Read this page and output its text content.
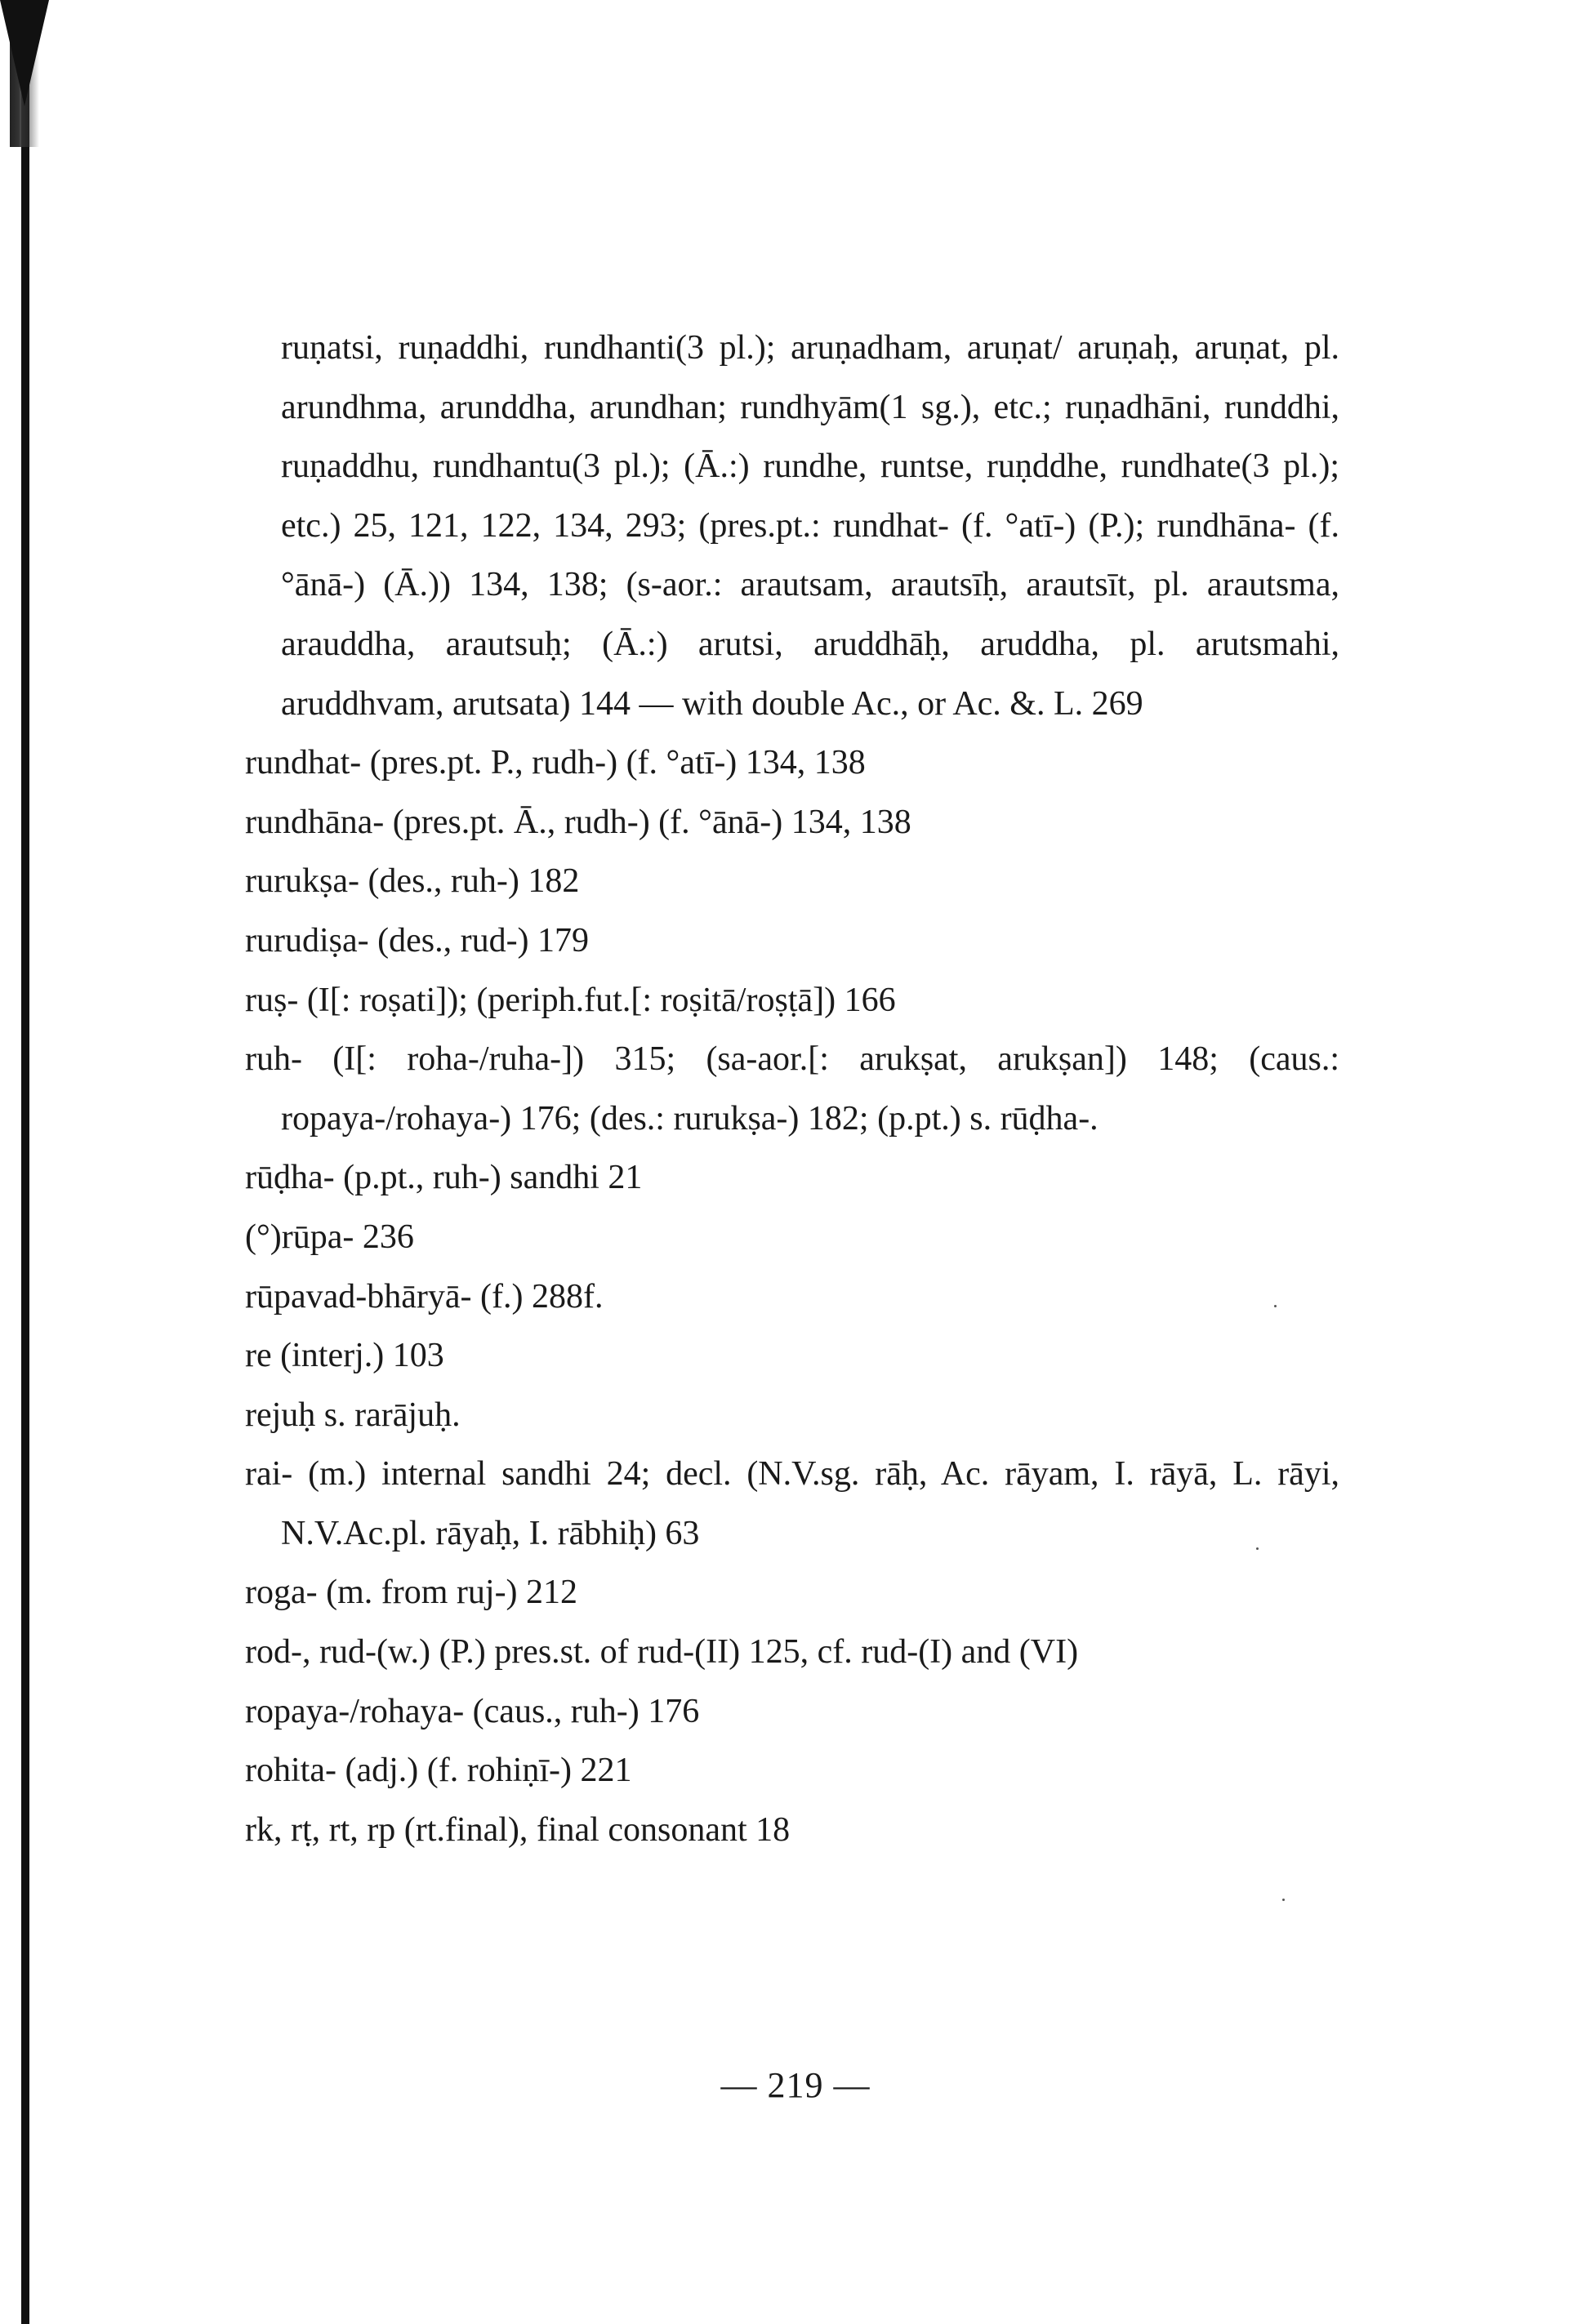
ruṇatsi, ruṇaddhi, rundhanti(3 pl.); aruṇadham, aruṇat/ aruṇaḥ, aruṇat, pl. arundhma, arunddha, arundhan; rundhyām(1 sg.), etc.; ruṇadhāni, runddhi, ruṇaddhu, rundhantu(3 pl.); (Ā.:) rundhe, runtse, ruṇddhe, rundhate(3 pl.); etc.) 25, 121, 122, 134, 293; (pres.pt.: rundhat- (f. °atī-) (P.); rundhāna- (f. °ānā-) (Ā.)) 134, 138; (s-aor.: arautsam, arautsīḥ, arautsīt, pl. arautsma, arauddha, arautsuḥ; (Ā.:) arutsi, aruddhāḥ, aruddha, pl. arutsmahi, aruddhvam, arutsata) 144 — with double Ac., or Ac. &. L. 269

rundhat- (pres.pt. P., rudh-) (f. °atī-) 134, 138

rundhāna- (pres.pt. Ā., rudh-) (f. °ānā-) 134, 138

rurukṣa- (des., ruh-) 182

rurudiṣa- (des., rud-) 179

ruṣ- (I[: roṣati]); (periph.fut.[: roṣitā/roṣṭā]) 166

ruh- (I[: roha-/ruha-]) 315; (sa-aor.[: arukṣat, arukṣan]) 148; (caus.: ropaya-/rohaya-) 176; (des.: rurukṣa-) 182; (p.pt.) s. rūḍha-.

rūḍha- (p.pt., ruh-) sandhi 21

(°)rūpa- 236

rūpavad-bhāryā- (f.) 288f.

re (interj.) 103

rejuḥ s. rarājuḥ.

rai- (m.) internal sandhi 24; decl. (N.V.sg. rāḥ, Ac. rāyam, I. rāyā, L. rāyi, N.V.Ac.pl. rāyaḥ, I. rābhiḥ) 63

roga- (m. from ruj-) 212

rod-, rud-(w.) (P.) pres.st. of rud-(II) 125, cf. rud-(I) and (VI)

ropaya-/rohaya- (caus., ruh-) 176

rohita- (adj.) (f. rohiṇī-) 221

rk, rṭ, rt, rp (rt.final), final consonant 18

— 219 —
